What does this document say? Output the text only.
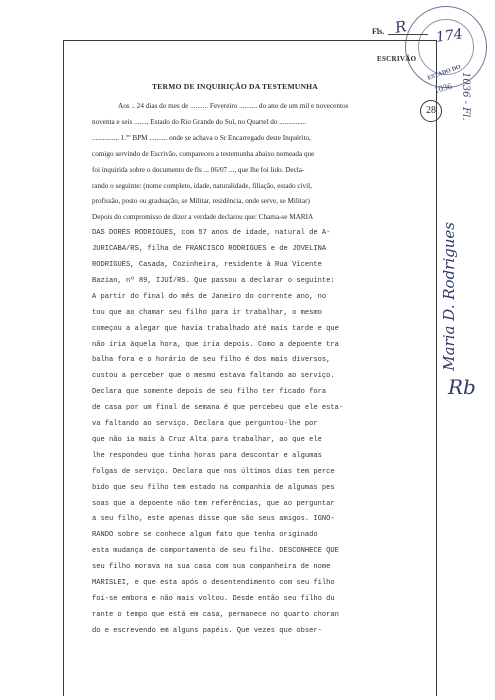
ESTADO DO
1036
Fls. R 174
ESCRIVÃO
28	1036 - Fl.
TERMO DE INQUIRIÇÃO DA TESTEMUNHA
Aos .. 24 dias do mes de .......... Fevereiro .......... do ano de um mil e novecentos
noventa e seis ......., Estado do Rio Grande do Sul, no Quartel do ...............
............... 1.ºº BPM .......... onde se achava o Sr Encarregado deste Inquérito,
comigo servindo de Escrivão, compareceu a testemunha abaixo nomeada que
foi inquirida sobre o documento de fls ... 06/07 ..., que lhe foi lido. Decla-
rando o seguinte: (nome completo, idade, naturalidade, filiação, estado civil,
profissão, posto ou graduação, se Militar, residência, onde serve, se Militar)
Depois do compromisso de dizer a verdade declarou que: Chama-se MARIA
DAS DORES RODRIGUES, com 57 anos de idade, natural de A-
JURICABA/RS, filha de FRANCISCO RODRIGUES e de JOVELINA
RODRIGUES, Casada, Cozinheira, residente à Rua Vicente
Bazian, nº 89, IJUÍ/RS. Que passou a declarar o seguinte:
A partir do final do mês de Janeiro do corrente ano, no
tou que ao chamar seu filho para ir trabalhar, o mesmo
começou a alegar que havia trabalhado até mais tarde e que
não iria àquela hora, que iria depois. Como a depoente tra
balha fora e o horário de seu filho é dos mais diversos,
custou a perceber que o mesmo estava faltando ao serviço.
Declara que somente depois de seu filho ter ficado fora
de casa por um final de semana é que percebeu que ele esta-
va faltando ao serviço. Declara que perguntou-lhe por
que não ia mais à Cruz Alta para trabalhar, ao que ele
lhe respondeu que tinha horas para descontar e algumas
folgas de serviço. Declara que nos últimos dias tem perce
bido que seu filho tem estado na companhia de algumas pes
soas que a depoente não tem referências, que ao perguntar
a seu filho, este apenas disse que são seus amigos. IGNO-
RANDO sobre se conhece algum fato que tenha originado
esta mudança de comportamento de seu filho. DESCONHECE QUE
seu filho morava na sua casa com sua companheira de nome
MARISLEI, e que esta após o desentendimento com seu filho
foi-se embora e não mais voltou. Desde então seu filho du
rante o tempo que está em casa, permanece no quarto choran
do e escrevendo em alguns papéis. Que vezes que obser-
Maria D. Rodrigues
Rb
